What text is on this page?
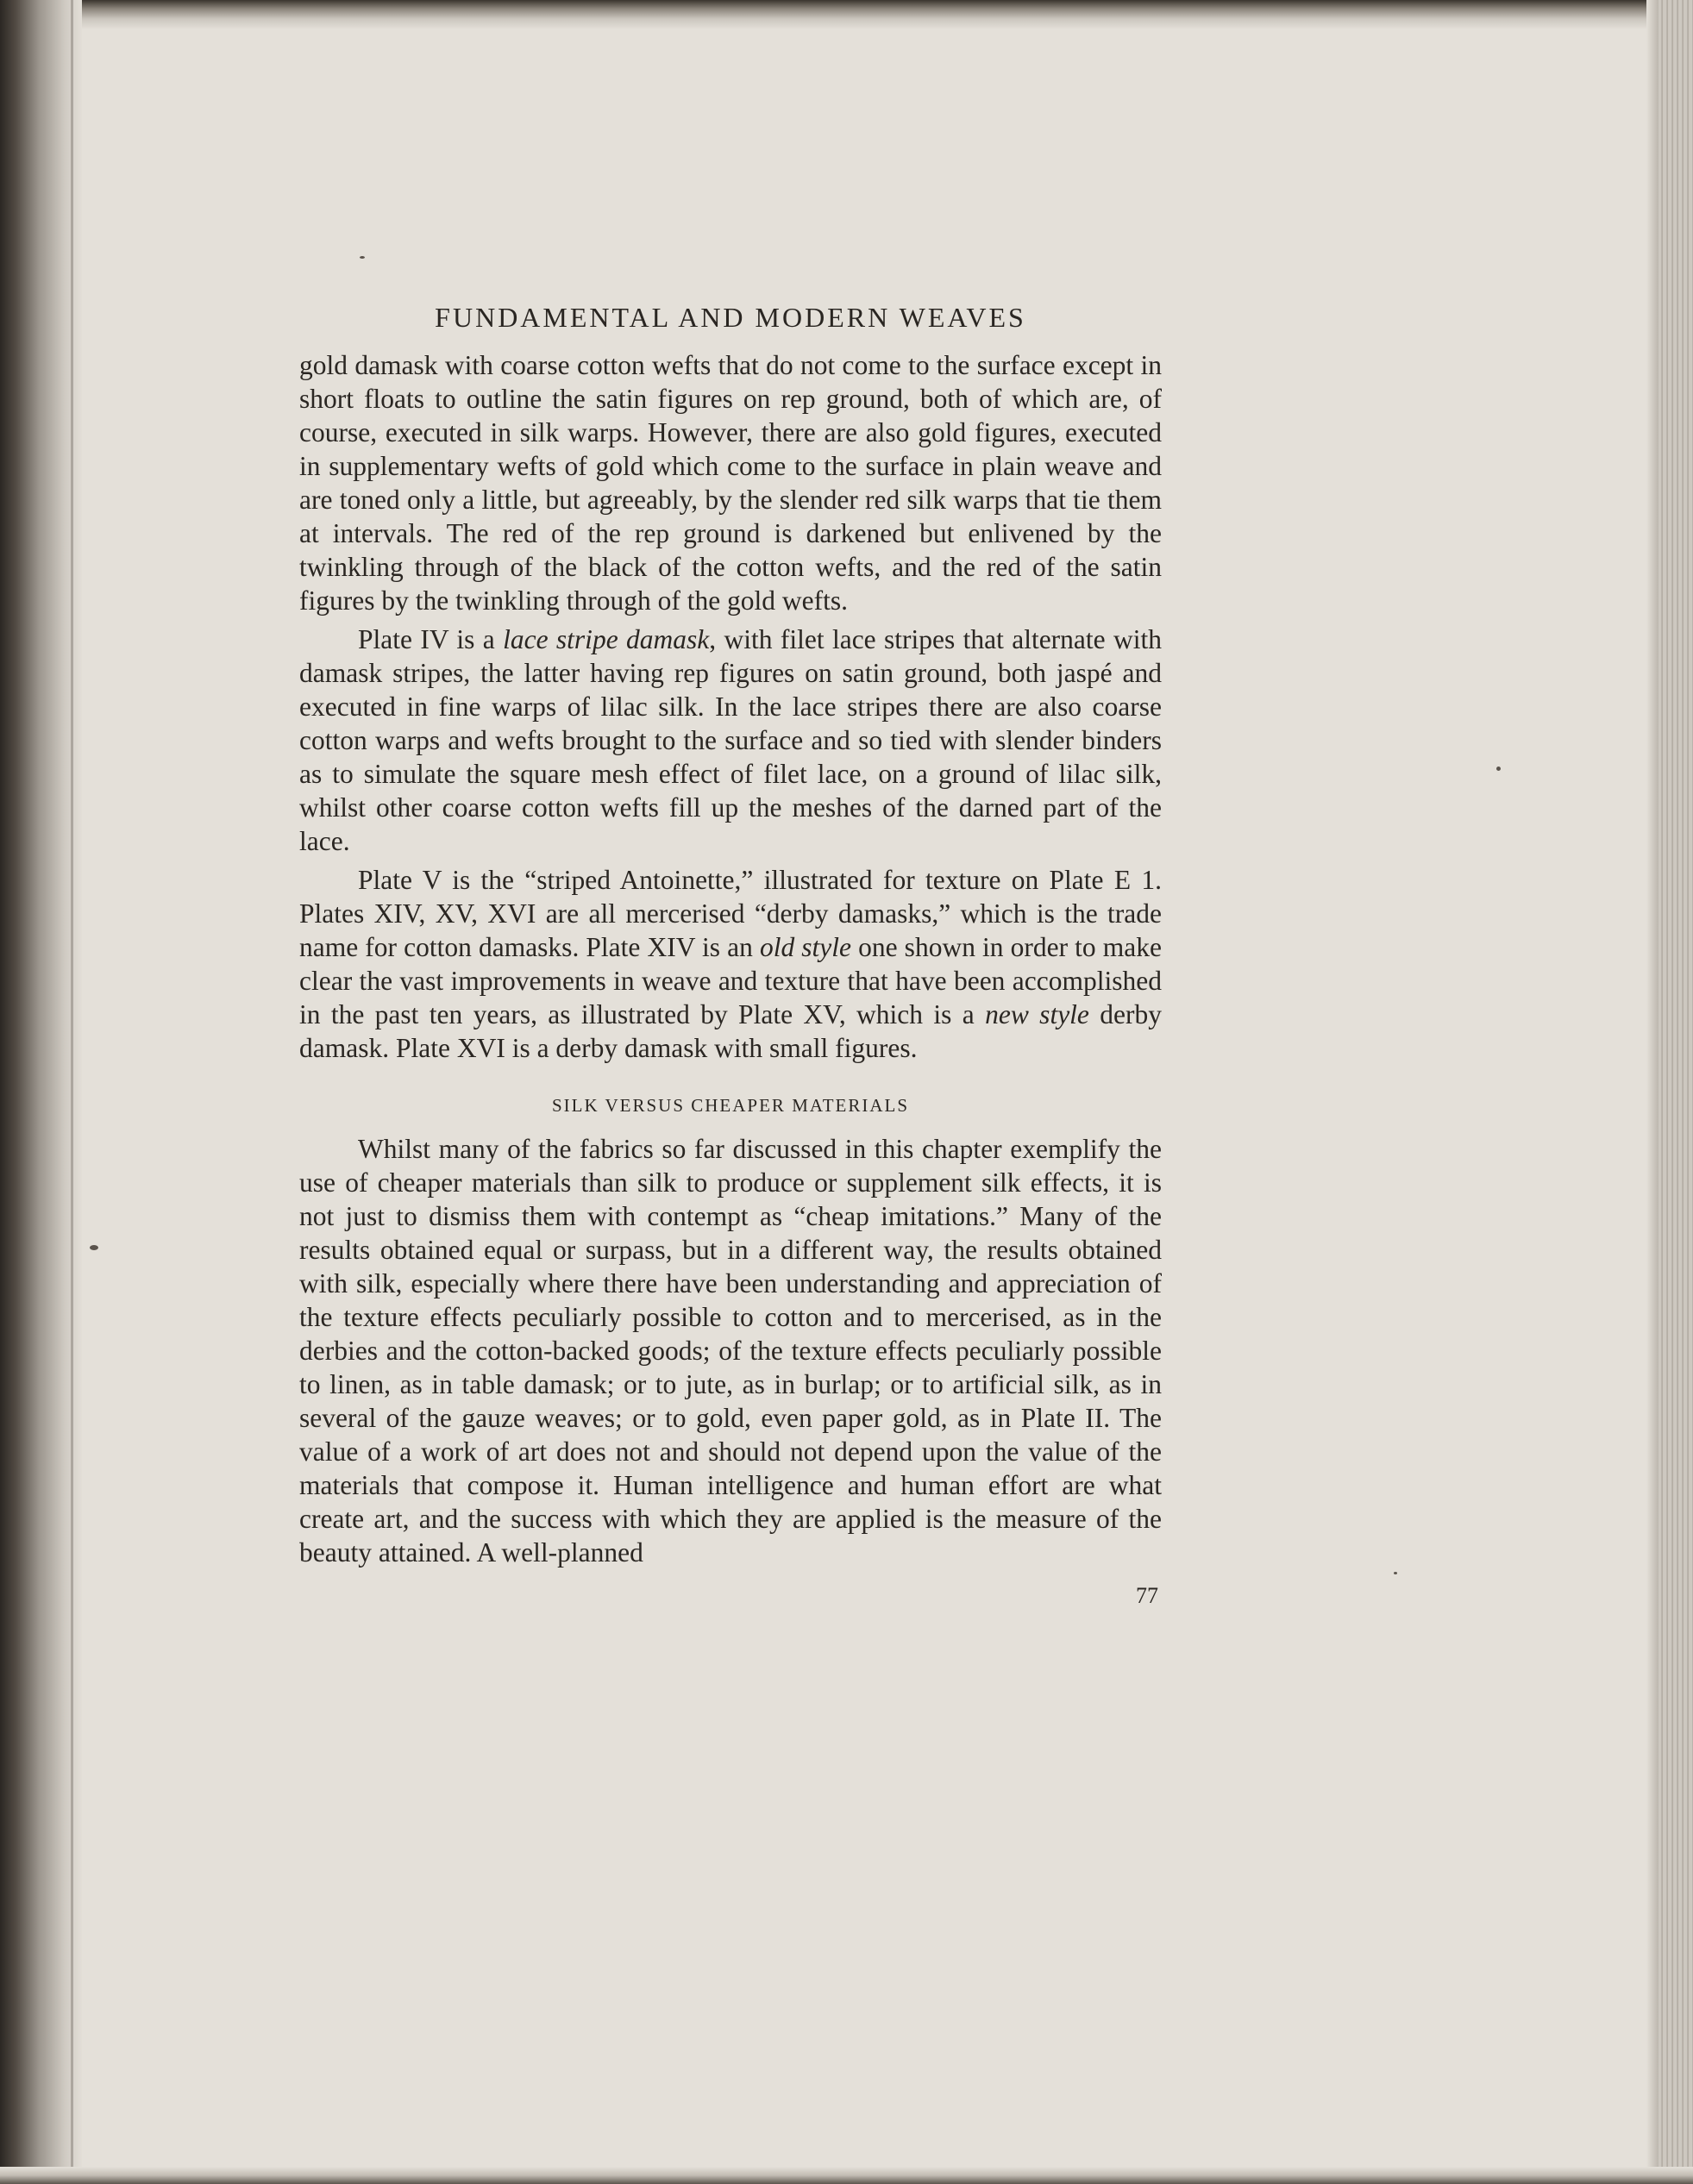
FUNDAMENTAL AND MODERN WEAVES

gold damask with coarse cotton wefts that do not come to the surface except in short floats to outline the satin figures on rep ground, both of which are, of course, executed in silk warps. However, there are also gold figures, executed in supplementary wefts of gold which come to the surface in plain weave and are toned only a little, but agreeably, by the slender red silk warps that tie them at intervals. The red of the rep ground is darkened but enlivened by the twinkling through of the black of the cotton wefts, and the red of the satin figures by the twinkling through of the gold wefts.

Plate IV is a lace stripe damask, with filet lace stripes that alternate with damask stripes, the latter having rep figures on satin ground, both jaspé and executed in fine warps of lilac silk. In the lace stripes there are also coarse cotton warps and wefts brought to the surface and so tied with slender binders as to simulate the square mesh effect of filet lace, on a ground of lilac silk, whilst other coarse cotton wefts fill up the meshes of the darned part of the lace.

Plate V is the “striped Antoinette,” illustrated for texture on Plate E 1. Plates XIV, XV, XVI are all mercerised “derby damasks,” which is the trade name for cotton damasks. Plate XIV is an old style one shown in order to make clear the vast improvements in weave and texture that have been accomplished in the past ten years, as illustrated by Plate XV, which is a new style derby damask. Plate XVI is a derby damask with small figures.

SILK VERSUS CHEAPER MATERIALS

Whilst many of the fabrics so far discussed in this chapter exemplify the use of cheaper materials than silk to produce or supplement silk effects, it is not just to dismiss them with contempt as “cheap imitations.” Many of the results obtained equal or surpass, but in a different way, the results obtained with silk, especially where there have been understanding and appreciation of the texture effects peculiarly possible to cotton and to mercerised, as in the derbies and the cotton-backed goods; of the texture effects peculiarly possible to linen, as in table damask; or to jute, as in burlap; or to artificial silk, as in several of the gauze weaves; or to gold, even paper gold, as in Plate II. The value of a work of art does not and should not depend upon the value of the materials that compose it. Human intelligence and human effort are what create art, and the success with which they are applied is the measure of the beauty attained. A well-planned

77
